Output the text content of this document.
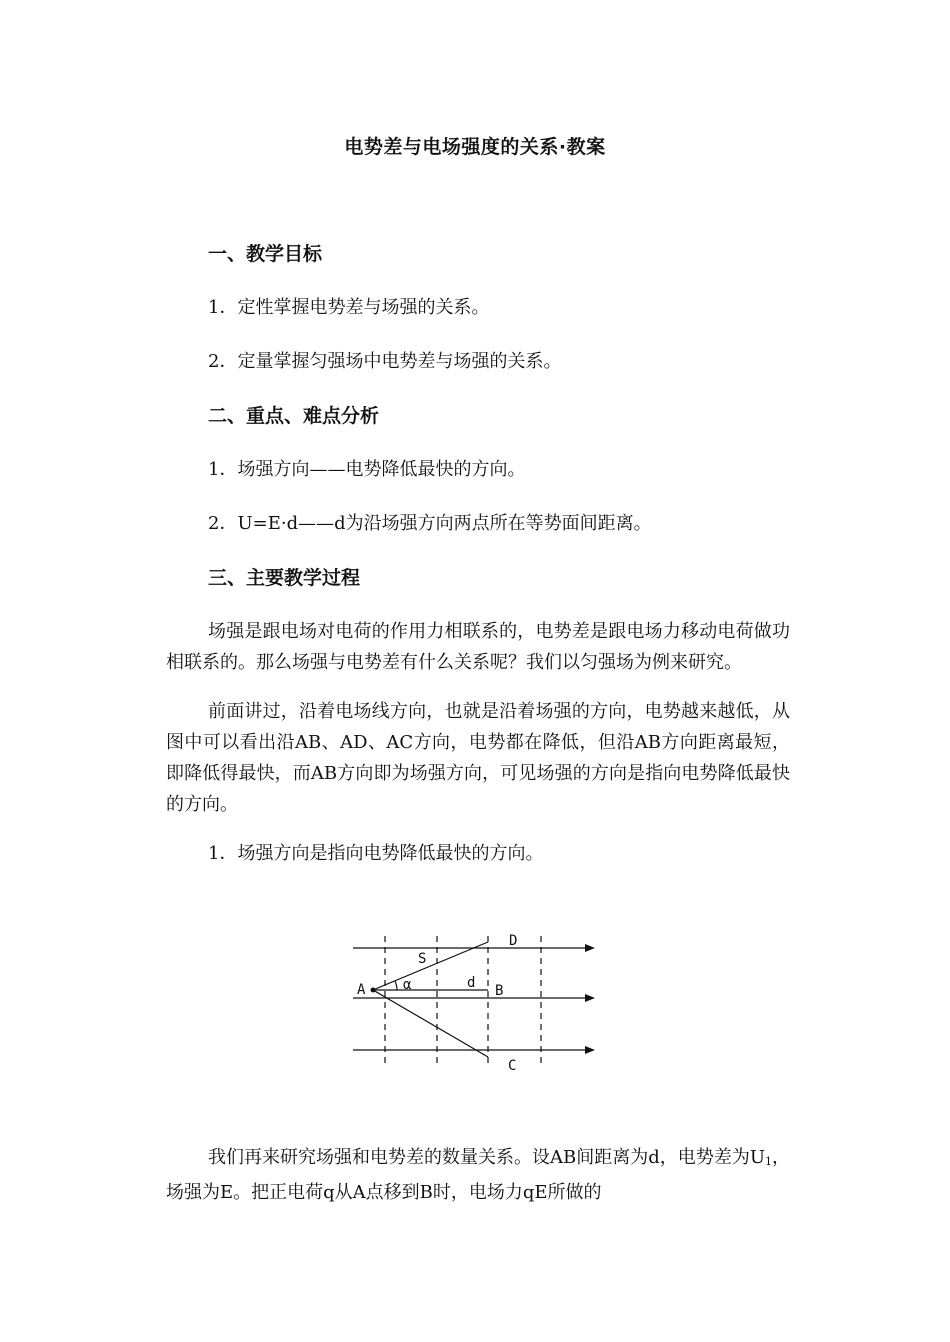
电势差与电场强度的关系·教案
一、教学目标
1．定性掌握电势差与场强的关系。
2．定量掌握匀强场中电势差与场强的关系。
二、重点、难点分析
1．场强方向——电势降低最快的方向。
2．U=E·d——d为沿场强方向两点所在等势面间距离。
三、主要教学过程

场强是跟电场对电荷的作用力相联系的，电势差是跟电场力移动电荷做功相联系的。那么场强与电势差有什么关系呢？我们以匀强场为例来研究。

前面讲过，沿着电场线方向，也就是沿着场强的方向，电势越来越低，从图中可以看出沿AB、AD、AC方向，电势都在降低，但沿AB方向距离最短，即降低得最快，而AB方向即为场强方向，可见场强的方向是指向电势降低最快的方向。

1．场强方向是指向电势降低最快的方向。
A	B
C
D
S
d
α

我们再来研究场强和电势差的数量关系。设AB间距离为d，电势差为$U_1$，场强为E。把正电荷q从A点移到B时，电场力qE所做的
